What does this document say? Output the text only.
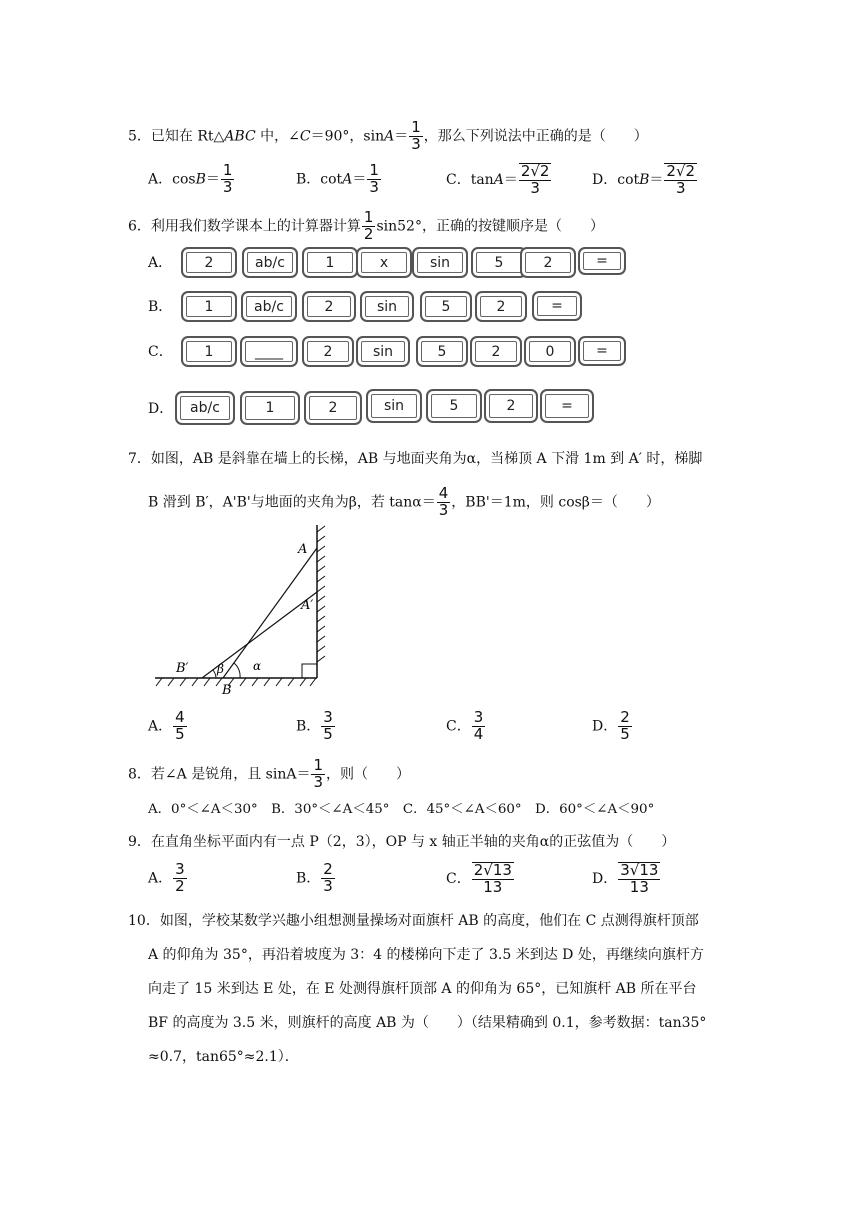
5．已知在 Rt△ABC 中，∠C＝90°，$\sin A= \frac{1}{3}$ ，那么下列说法中正确的是（　　）
A．$\cos B= \frac{1}{3}$	B．$\cot A= \frac{1}{3}$	C．$\tan A= \frac{2√2}{3}$	D．$\cot B= \frac{2√2}{3}$
6．利用我们数学课本上的计算器计算 $\frac{1}{2} \sin 52^\circ$，正确的按键顺序是（　　）
A．	2	ab/c	1	x	sin	5	2	=
B．	1	ab/c	2	sin	5	2	=
C．	1	____	2	sin	5	2	0	=
D．	ab/c	1	2	sin	5	2	=
7．如图，AB 是斜靠在墙上的长梯，AB 与地面夹角为α，当梯顶 A 下滑 1m 到 A′ 时，梯脚
B 滑到 B′，A'B'与地面的夹角为β，若 $\tan\alpha= \frac{4}{3}$ ，BB'＝1m，则 cosβ＝（　　）
A
A′
B′
B
β α
A． $\frac{4}{5}$	B． $\frac{3}{5}$	C． $\frac{3}{4}$	D． $\frac{2}{5}$
8．若∠A 是锐角，且 $\sin A= \frac{1}{3}$ ，则（　　）
A．0°＜∠A＜30°　B．30°＜∠A＜45°　C．45°＜∠A＜60°　D．60°＜∠A＜90°
9．在直角坐标平面内有一点 P（2，3），OP 与 x 轴正半轴的夹角α的正弦值为（　　）
A． $\frac{3}{2}$	B． $\frac{2}{3}$	C． $\frac{2√13}{13}$	D． $\frac{3√13}{13}$
10．如图，学校某数学兴趣小组想测量操场对面旗杆 AB 的高度，他们在 C 点测得旗杆顶部
A 的仰角为 35°，再沿着坡度为 3：4 的楼梯向下走了 3.5 米到达 D 处，再继续向旗杆方
向走了 15 米到达 E 处，在 E 处测得旗杆顶部 A 的仰角为 65°，已知旗杆 AB 所在平台
BF 的高度为 3.5 米，则旗杆的高度 AB 为（　　）（结果精确到 0.1，参考数据：tan35°
≈0.7，tan65°≈2.1）．
